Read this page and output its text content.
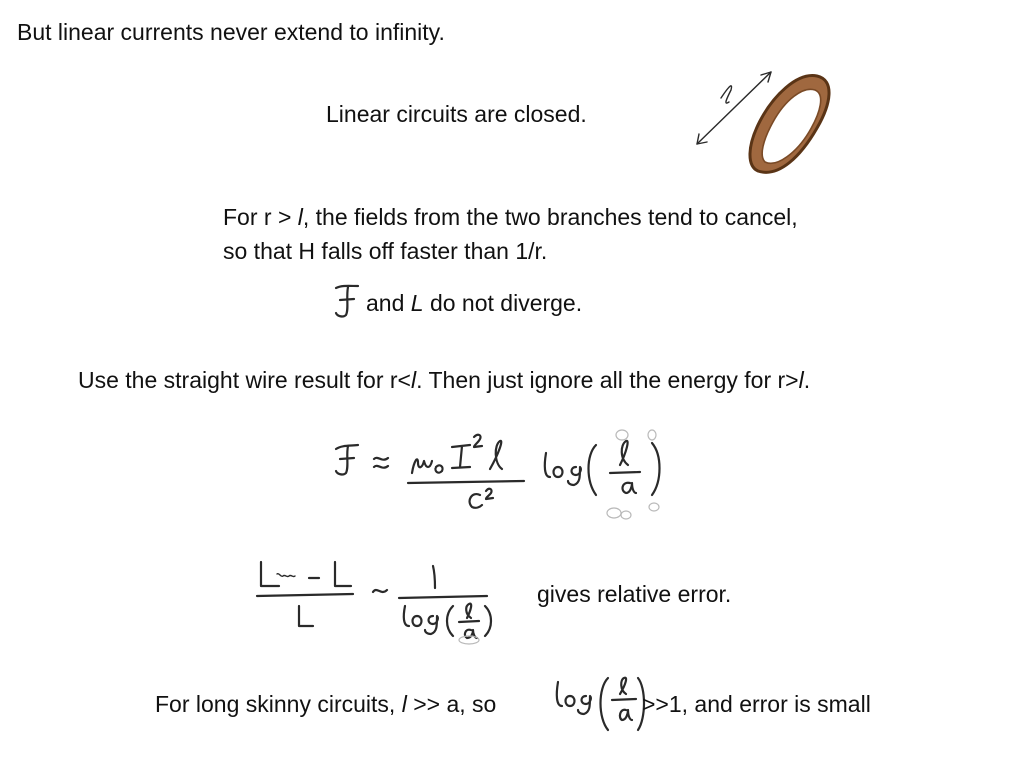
But linear currents never extend to infinity.
Linear circuits are closed.
For r > l, the fields from the two branches tend to cancel,
so that H falls off faster than 1/r.
and L do not diverge.
Use the straight wire result for r<l. Then just ignore all the energy for r>l.
gives relative error.
For long skinny circuits, l >> a, so	>>1, and error is small
